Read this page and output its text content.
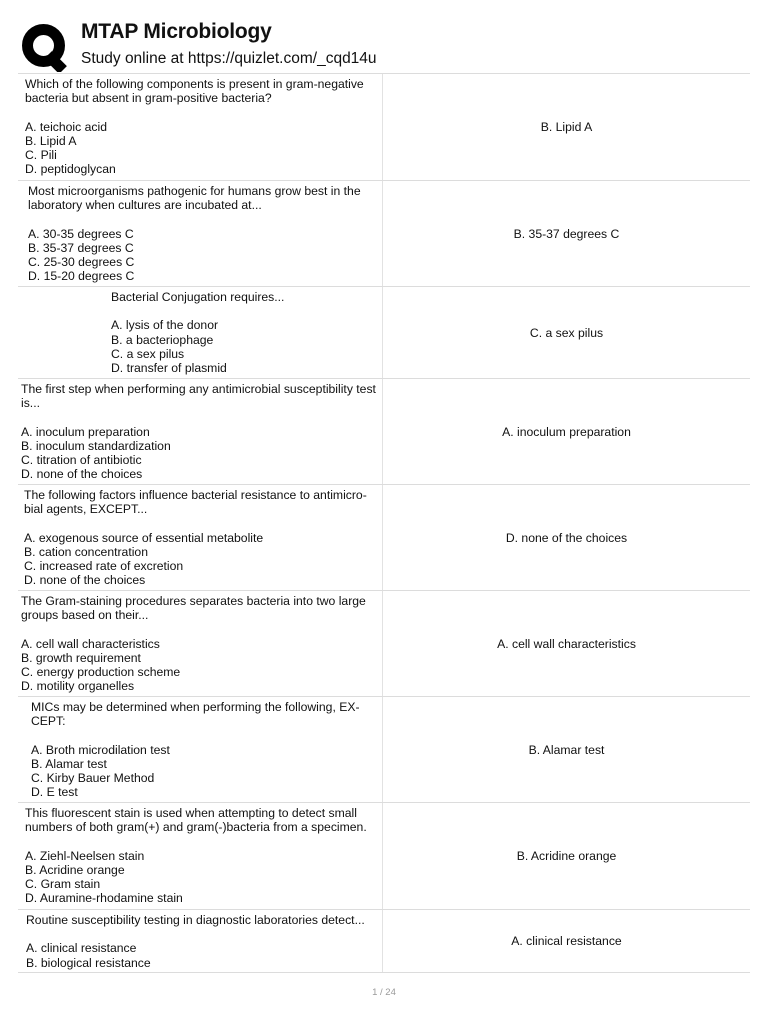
MTAP Microbiology
Study online at https://quizlet.com/_cqd14u
Which of the following components is present in gram-negative
bacteria but absent in gram-positive bacteria?

A. teichoic acid
B. Lipid A
C. Pili
D. peptidoglycan
B. Lipid A
Most microorganisms pathogenic for humans grow best in the
laboratory when cultures are incubated at...

A. 30-35 degrees C
B. 35-37 degrees C
C. 25-30 degrees C
D. 15-20 degrees C
B. 35-37 degrees C
Bacterial Conjugation requires...

A. lysis of the donor
B. a bacteriophage
C. a sex pilus
D. transfer of plasmid
C. a sex pilus
The first step when performing any antimicrobial susceptibility test
is...

A. inoculum preparation
B. inoculum standardization
C. titration of antibiotic
D. none of the choices
A. inoculum preparation
The following factors influence bacterial resistance to antimicro-
bial agents, EXCEPT...

A. exogenous source of essential metabolite
B. cation concentration
C. increased rate of excretion
D. none of the choices
D. none of the choices
The Gram-staining procedures separates bacteria into two large
groups based on their...

A. cell wall characteristics
B. growth requirement
C. energy production scheme
D. motility organelles
A. cell wall characteristics
MICs may be determined when performing the following, EX-
CEPT:

A. Broth microdilation test
B. Alamar test
C. Kirby Bauer Method
D. E test
B. Alamar test
This fluorescent stain is used when attempting to detect small
numbers of both gram(+) and gram(-)bacteria from a specimen.

A. Ziehl-Neelsen stain
B. Acridine orange
C. Gram stain
D. Auramine-rhodamine stain
B. Acridine orange
Routine susceptibility testing in diagnostic laboratories detect...

A. clinical resistance
B. biological resistance
A. clinical resistance
1 / 24
